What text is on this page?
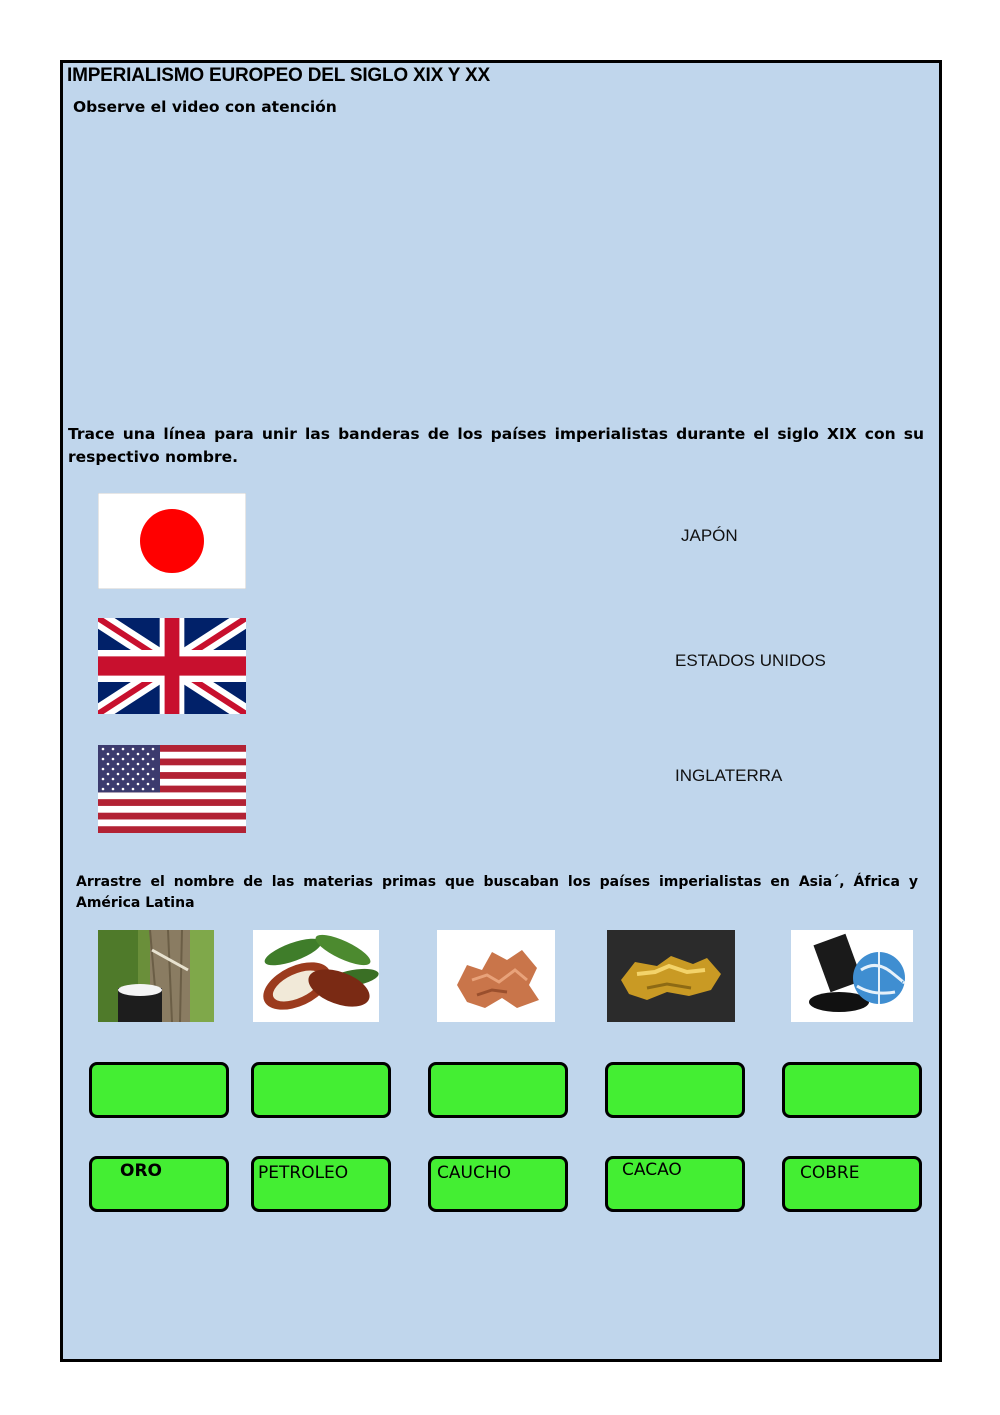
IMPERIALISMO EUROPEO DEL SIGLO XIX Y XX
Observe el video con atención
Trace una línea para unir las banderas de los países imperialistas durante el siglo XIX con su respectivo nombre.
JAPÓN
ESTADOS UNIDOS
INGLATERRA
Arrastre el nombre de las materias primas que buscaban los países imperialistas en Asia´, África y América Latina
ORO	PETROLEO	CAUCHO	CACAO	COBRE
